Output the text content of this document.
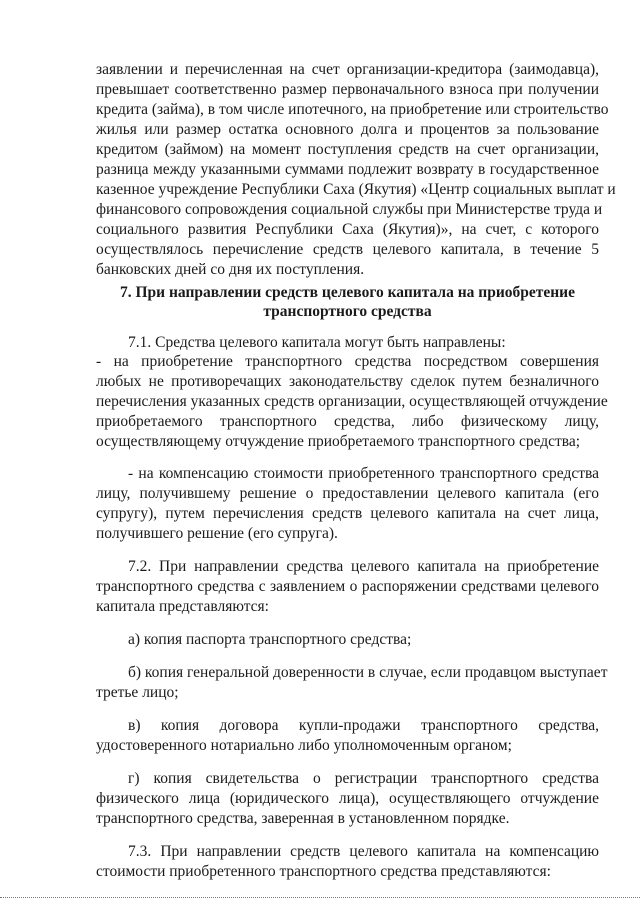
заявлении и перечисленная на счет организации-кредитора (заимодавца),
превышает соответственно размер первоначального взноса при получении
кредита (займа), в том числе ипотечного, на приобретение или строительство
жилья или размер остатка основного долга и процентов за пользование
кредитом (займом) на момент поступления средств на счет организации,
разница между указанными суммами подлежит возврату в государственное
казенное учреждение Республики Саха (Якутия) «Центр социальных выплат и
финансового сопровождения социальной службы при Министерстве труда и
социального развития Республики Саха (Якутия)», на счет, с которого
осуществлялось перечисление средств целевого капитала, в течение 5
банковских дней со дня их поступления.
7. При направлении средств целевого капитала на приобретение
транспортного средства
7.1. Средства целевого капитала могут быть направлены:
- на приобретение транспортного средства посредством совершения
любых не противоречащих законодательству сделок путем безналичного
перечисления указанных средств организации, осуществляющей отчуждение
приобретаемого транспортного средства, либо физическому лицу,
осуществляющему отчуждение приобретаемого транспортного средства;
- на компенсацию стоимости приобретенного транспортного средства
лицу, получившему решение о предоставлении целевого капитала (его
супругу), путем перечисления средств целевого капитала на счет лица,
получившего решение (его супруга).
7.2. При направлении средства целевого капитала на приобретение
транспортного средства с заявлением о распоряжении средствами целевого
капитала представляются:
а) копия паспорта транспортного средства;
б) копия генеральной доверенности в случае, если продавцом выступает
третье лицо;
в) копия договора купли-продажи транспортного средства,
удостоверенного нотариально либо уполномоченным органом;
г) копия свидетельства о регистрации транспортного средства
физического лица (юридического лица), осуществляющего отчуждение
транспортного средства, заверенная в установленном порядке.
7.3. При направлении средств целевого капитала на компенсацию
стоимости приобретенного транспортного средства представляются:
